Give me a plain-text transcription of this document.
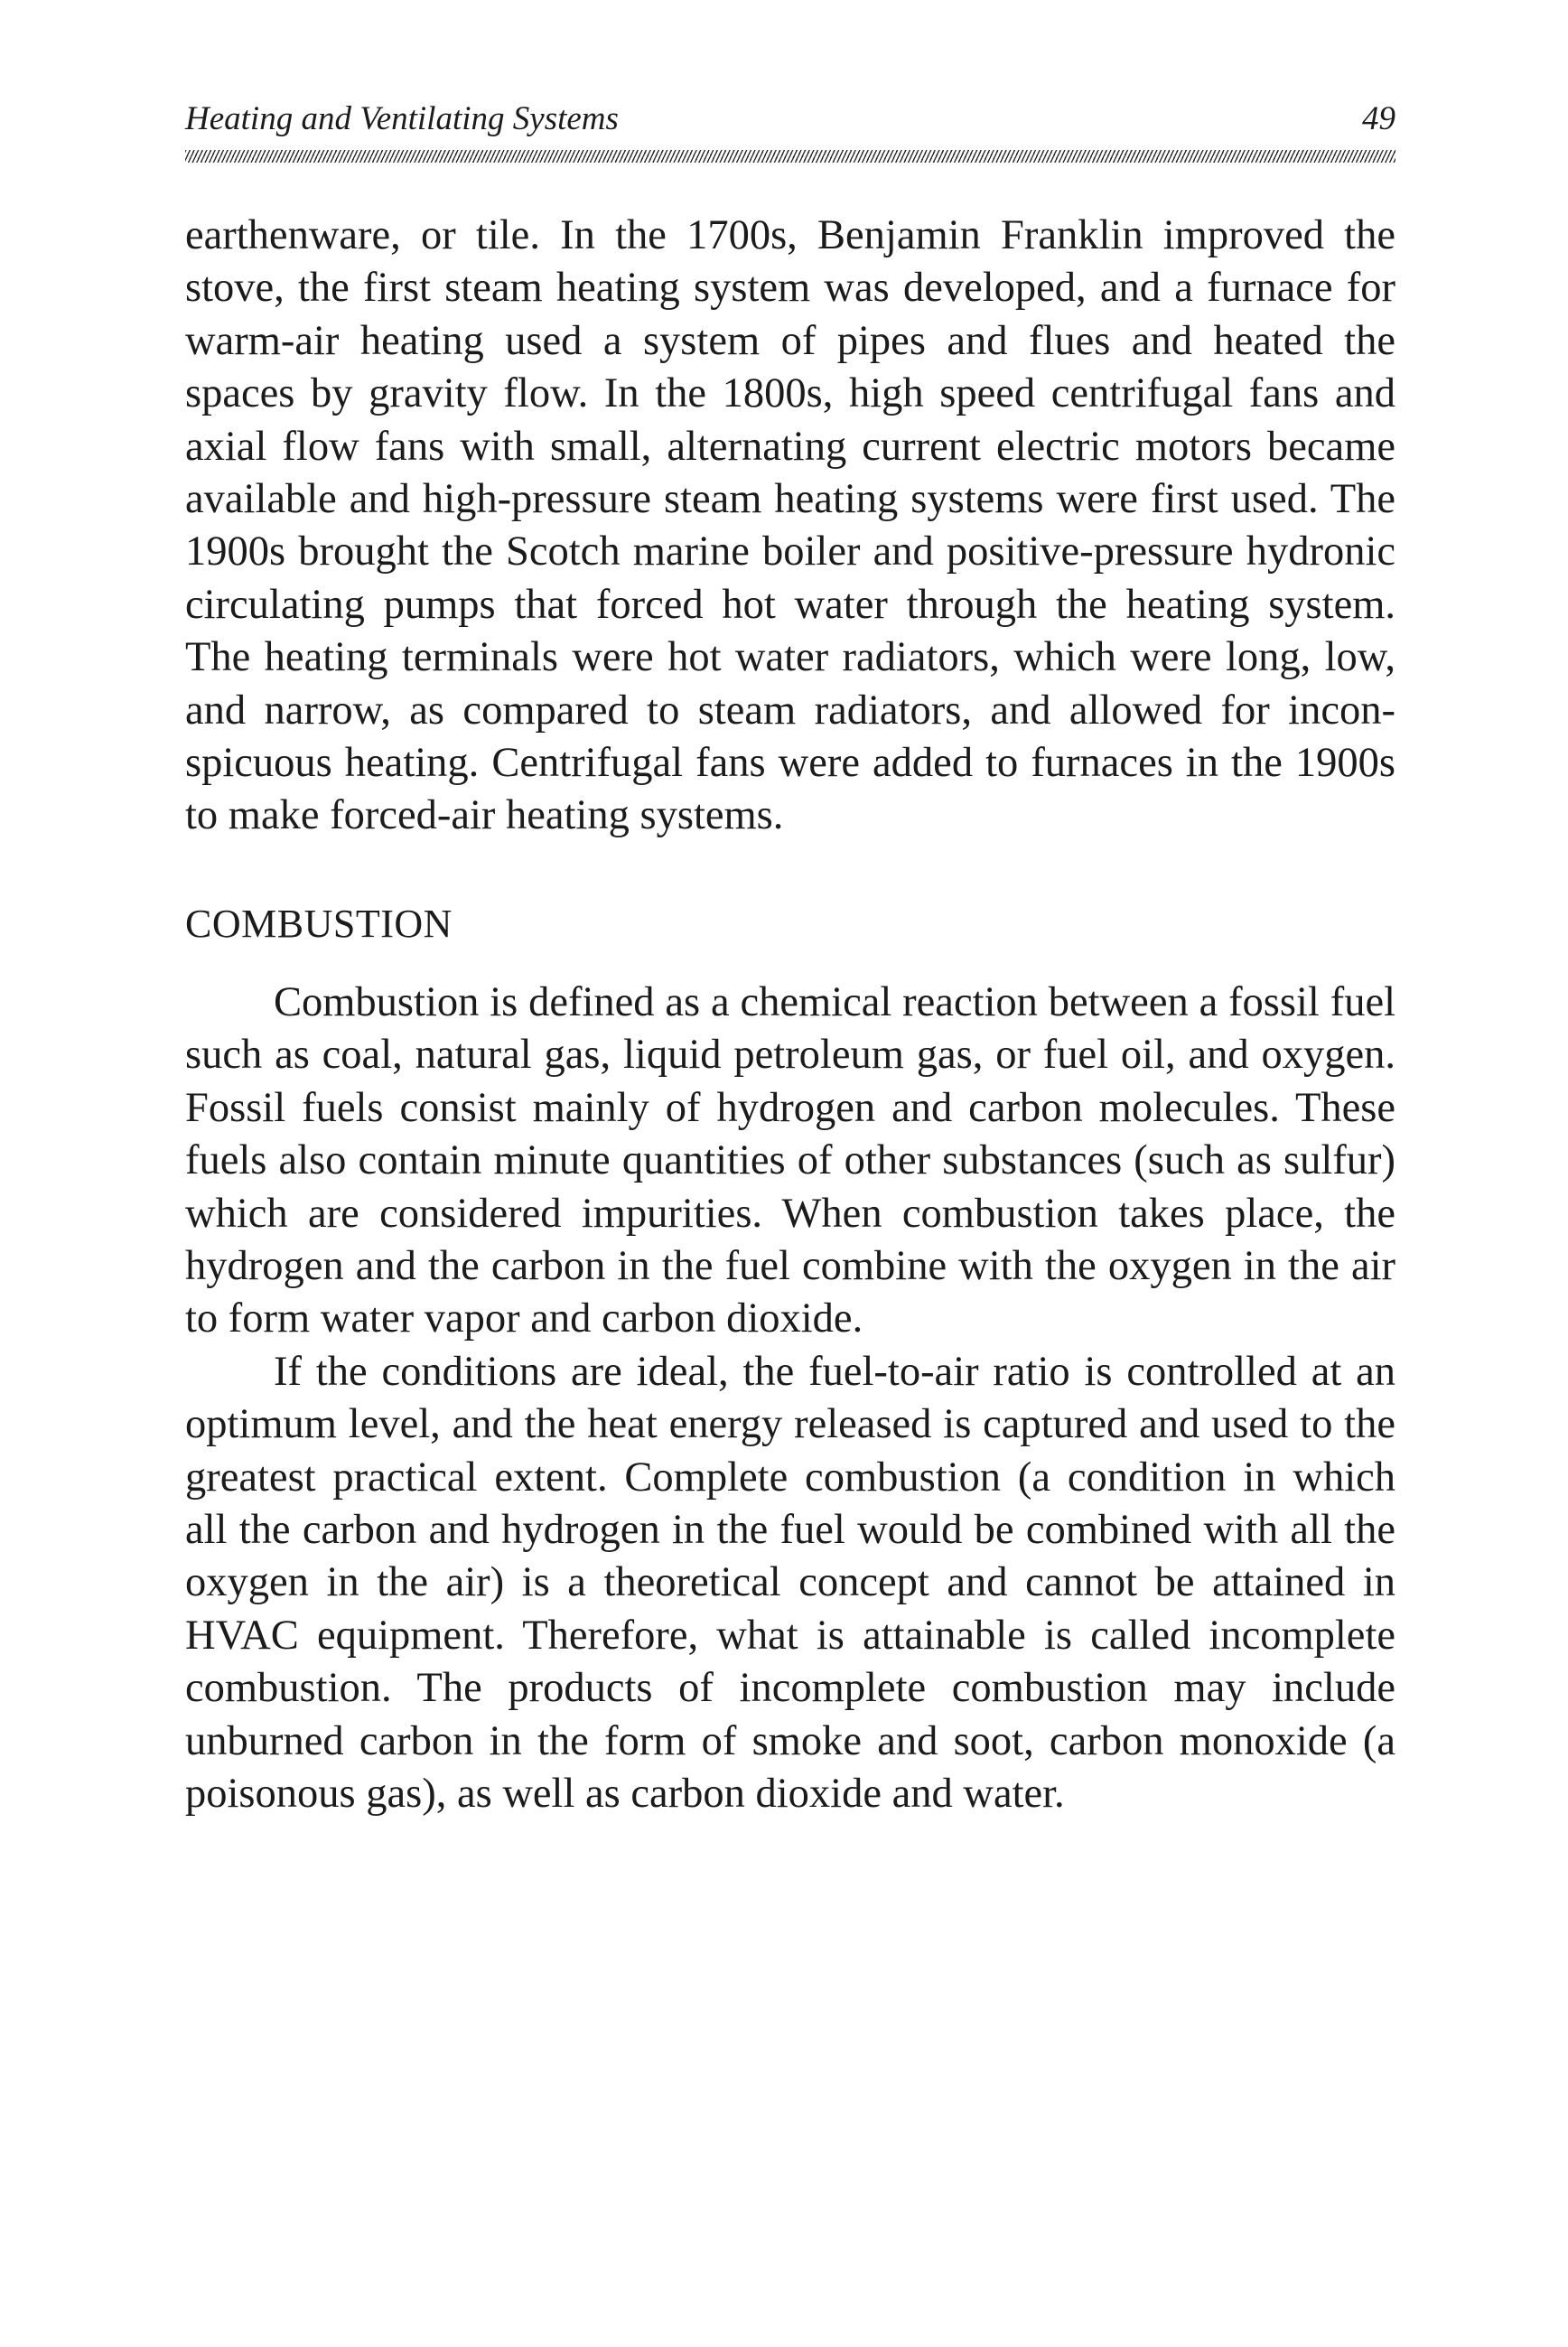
Heating and Ventilating Systems	49

earthenware, or tile. In the 1700s, Benjamin Franklin improved the stove, the first steam heating system was developed, and a furnace for warm-air heating used a system of pipes and flues and heated the spaces by gravity flow. In the 1800s, high speed centrifugal fans and axial flow fans with small, alternating current electric motors became available and high-pressure steam heating systems were first used. The 1900s brought the Scotch marine boiler and positive-pressure hydronic circulating pumps that forced hot water through the heating system. The heating terminals were hot water radiators, which were long, low, and narrow, as compared to steam radiators, and allowed for inconspicuous heating. Centrifugal fans were added to furnaces in the 1900s to make forced-air heating systems.

COMBUSTION

Combustion is defined as a chemical reaction between a fossil fuel such as coal, natural gas, liquid petroleum gas, or fuel oil, and oxygen. Fossil fuels consist mainly of hydrogen and carbon molecules. These fuels also contain minute quantities of other substances (such as sulfur) which are considered impurities. When combustion takes place, the hydrogen and the carbon in the fuel combine with the oxygen in the air to form water vapor and carbon dioxide.

If the conditions are ideal, the fuel-to-air ratio is controlled at an optimum level, and the heat energy released is captured and used to the greatest practical extent. Complete combustion (a condition in which all the carbon and hydrogen in the fuel would be combined with all the oxygen in the air) is a theoretical concept and cannot be attained in HVAC equipment. Therefore, what is attainable is called incomplete combustion. The products of incomplete combustion may include unburned carbon in the form of smoke and soot, carbon monoxide (a poisonous gas), as well as carbon dioxide and water.
